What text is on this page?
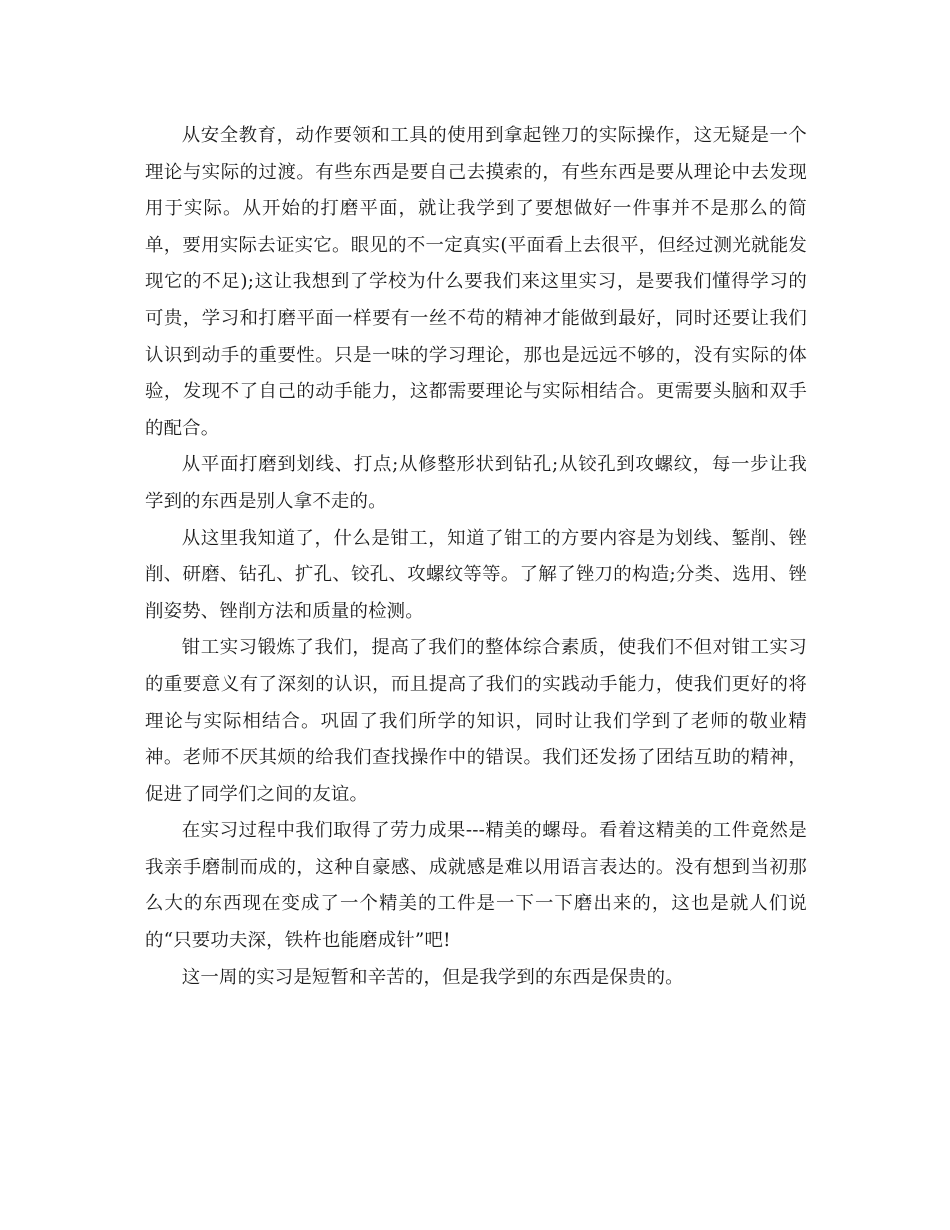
从安全教育，动作要领和工具的使用到拿起锉刀的实际操作，这无疑是一个理论与实际的过渡。有些东西是要自己去摸索的，有些东西是要从理论中去发现用于实际。从开始的打磨平面，就让我学到了要想做好一件事并不是那么的简单，要用实际去证实它。眼见的不一定真实(平面看上去很平，但经过测光就能发现它的不足);这让我想到了学校为什么要我们来这里实习，是要我们懂得学习的可贵，学习和打磨平面一样要有一丝不苟的精神才能做到最好，同时还要让我们认识到动手的重要性。只是一味的学习理论，那也是远远不够的，没有实际的体验，发现不了自己的动手能力，这都需要理论与实际相结合。更需要头脑和双手的配合。

从平面打磨到划线、打点;从修整形状到钻孔;从铰孔到攻螺纹，每一步让我学到的东西是别人拿不走的。

从这里我知道了，什么是钳工，知道了钳工的方要内容是为划线、錾削、锉削、研磨、钻孔、扩孔、铰孔、攻螺纹等等。了解了锉刀的构造;分类、选用、锉削姿势、锉削方法和质量的检测。

钳工实习锻炼了我们，提高了我们的整体综合素质，使我们不但对钳工实习的重要意义有了深刻的认识，而且提高了我们的实践动手能力，使我们更好的将理论与实际相结合。巩固了我们所学的知识，同时让我们学到了老师的敬业精神。老师不厌其烦的给我们查找操作中的错误。我们还发扬了团结互助的精神，促进了同学们之间的友谊。

在实习过程中我们取得了劳力成果---精美的螺母。看着这精美的工件竟然是我亲手磨制而成的，这种自豪感、成就感是难以用语言表达的。没有想到当初那么大的东西现在变成了一个精美的工件是一下一下磨出来的，这也是就人们说的“只要功夫深，铁杵也能磨成针”吧!

这一周的实习是短暂和辛苦的，但是我学到的东西是保贵的。
